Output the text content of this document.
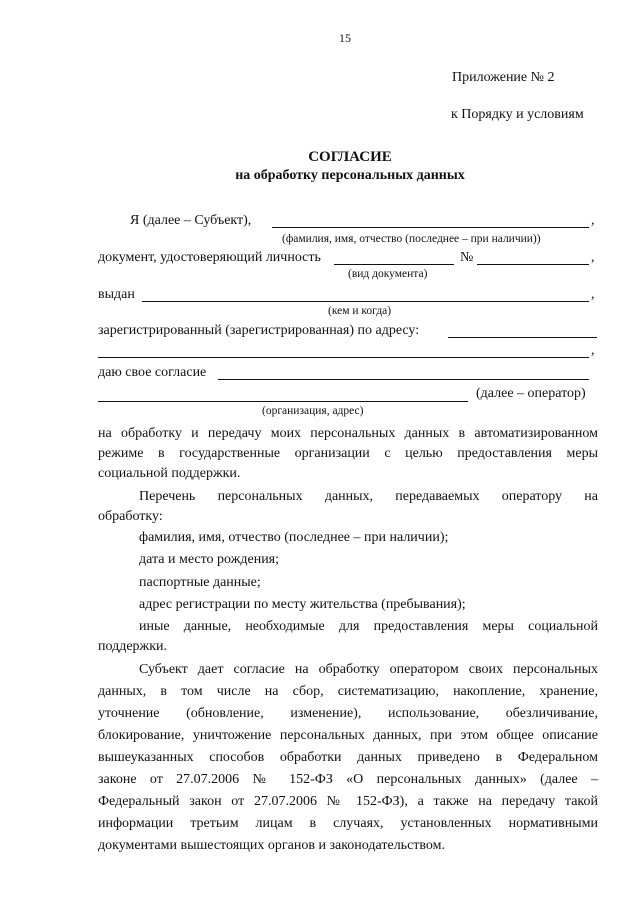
15
Приложение № 2
к Порядку и условиям
СОГЛАСИЕ
на обработку персональных данных
Я (далее – Субъект),	,
(фамилия, имя, отчество (последнее – при наличии))
документ, удостоверяющий личность	№	,
(вид документа)
выдан	,
(кем и когда)
зарегистрированный (зарегистрированная) по адресу:
,
даю свое согласие
(далее – оператор)
(организация, адрес)
на обработку и передачу моих персональных данных в автоматизированном
режиме в государственные организации с целью предоставления меры
социальной поддержки.
Перечень персональных данных, передаваемых оператору на
обработку:
фамилия, имя, отчество (последнее – при наличии);
дата и место рождения;
паспортные данные;
адрес регистрации по месту жительства (пребывания);
иные данные, необходимые для предоставления меры социальной
поддержки.
Субъект дает согласие на обработку оператором своих персональных
данных, в том числе на сбор, систематизацию, накопление, хранение,
уточнение (обновление, изменение), использование, обезличивание,
блокирование, уничтожение персональных данных, при этом общее описание
вышеуказанных способов обработки данных приведено в Федеральном
законе от 27.07.2006 № 152-ФЗ «О персональных данных» (далее –
Федеральный закон от 27.07.2006 № 152-ФЗ), а также на передачу такой
информации третьим лицам в случаях, установленных нормативными
документами вышестоящих органов и законодательством.
